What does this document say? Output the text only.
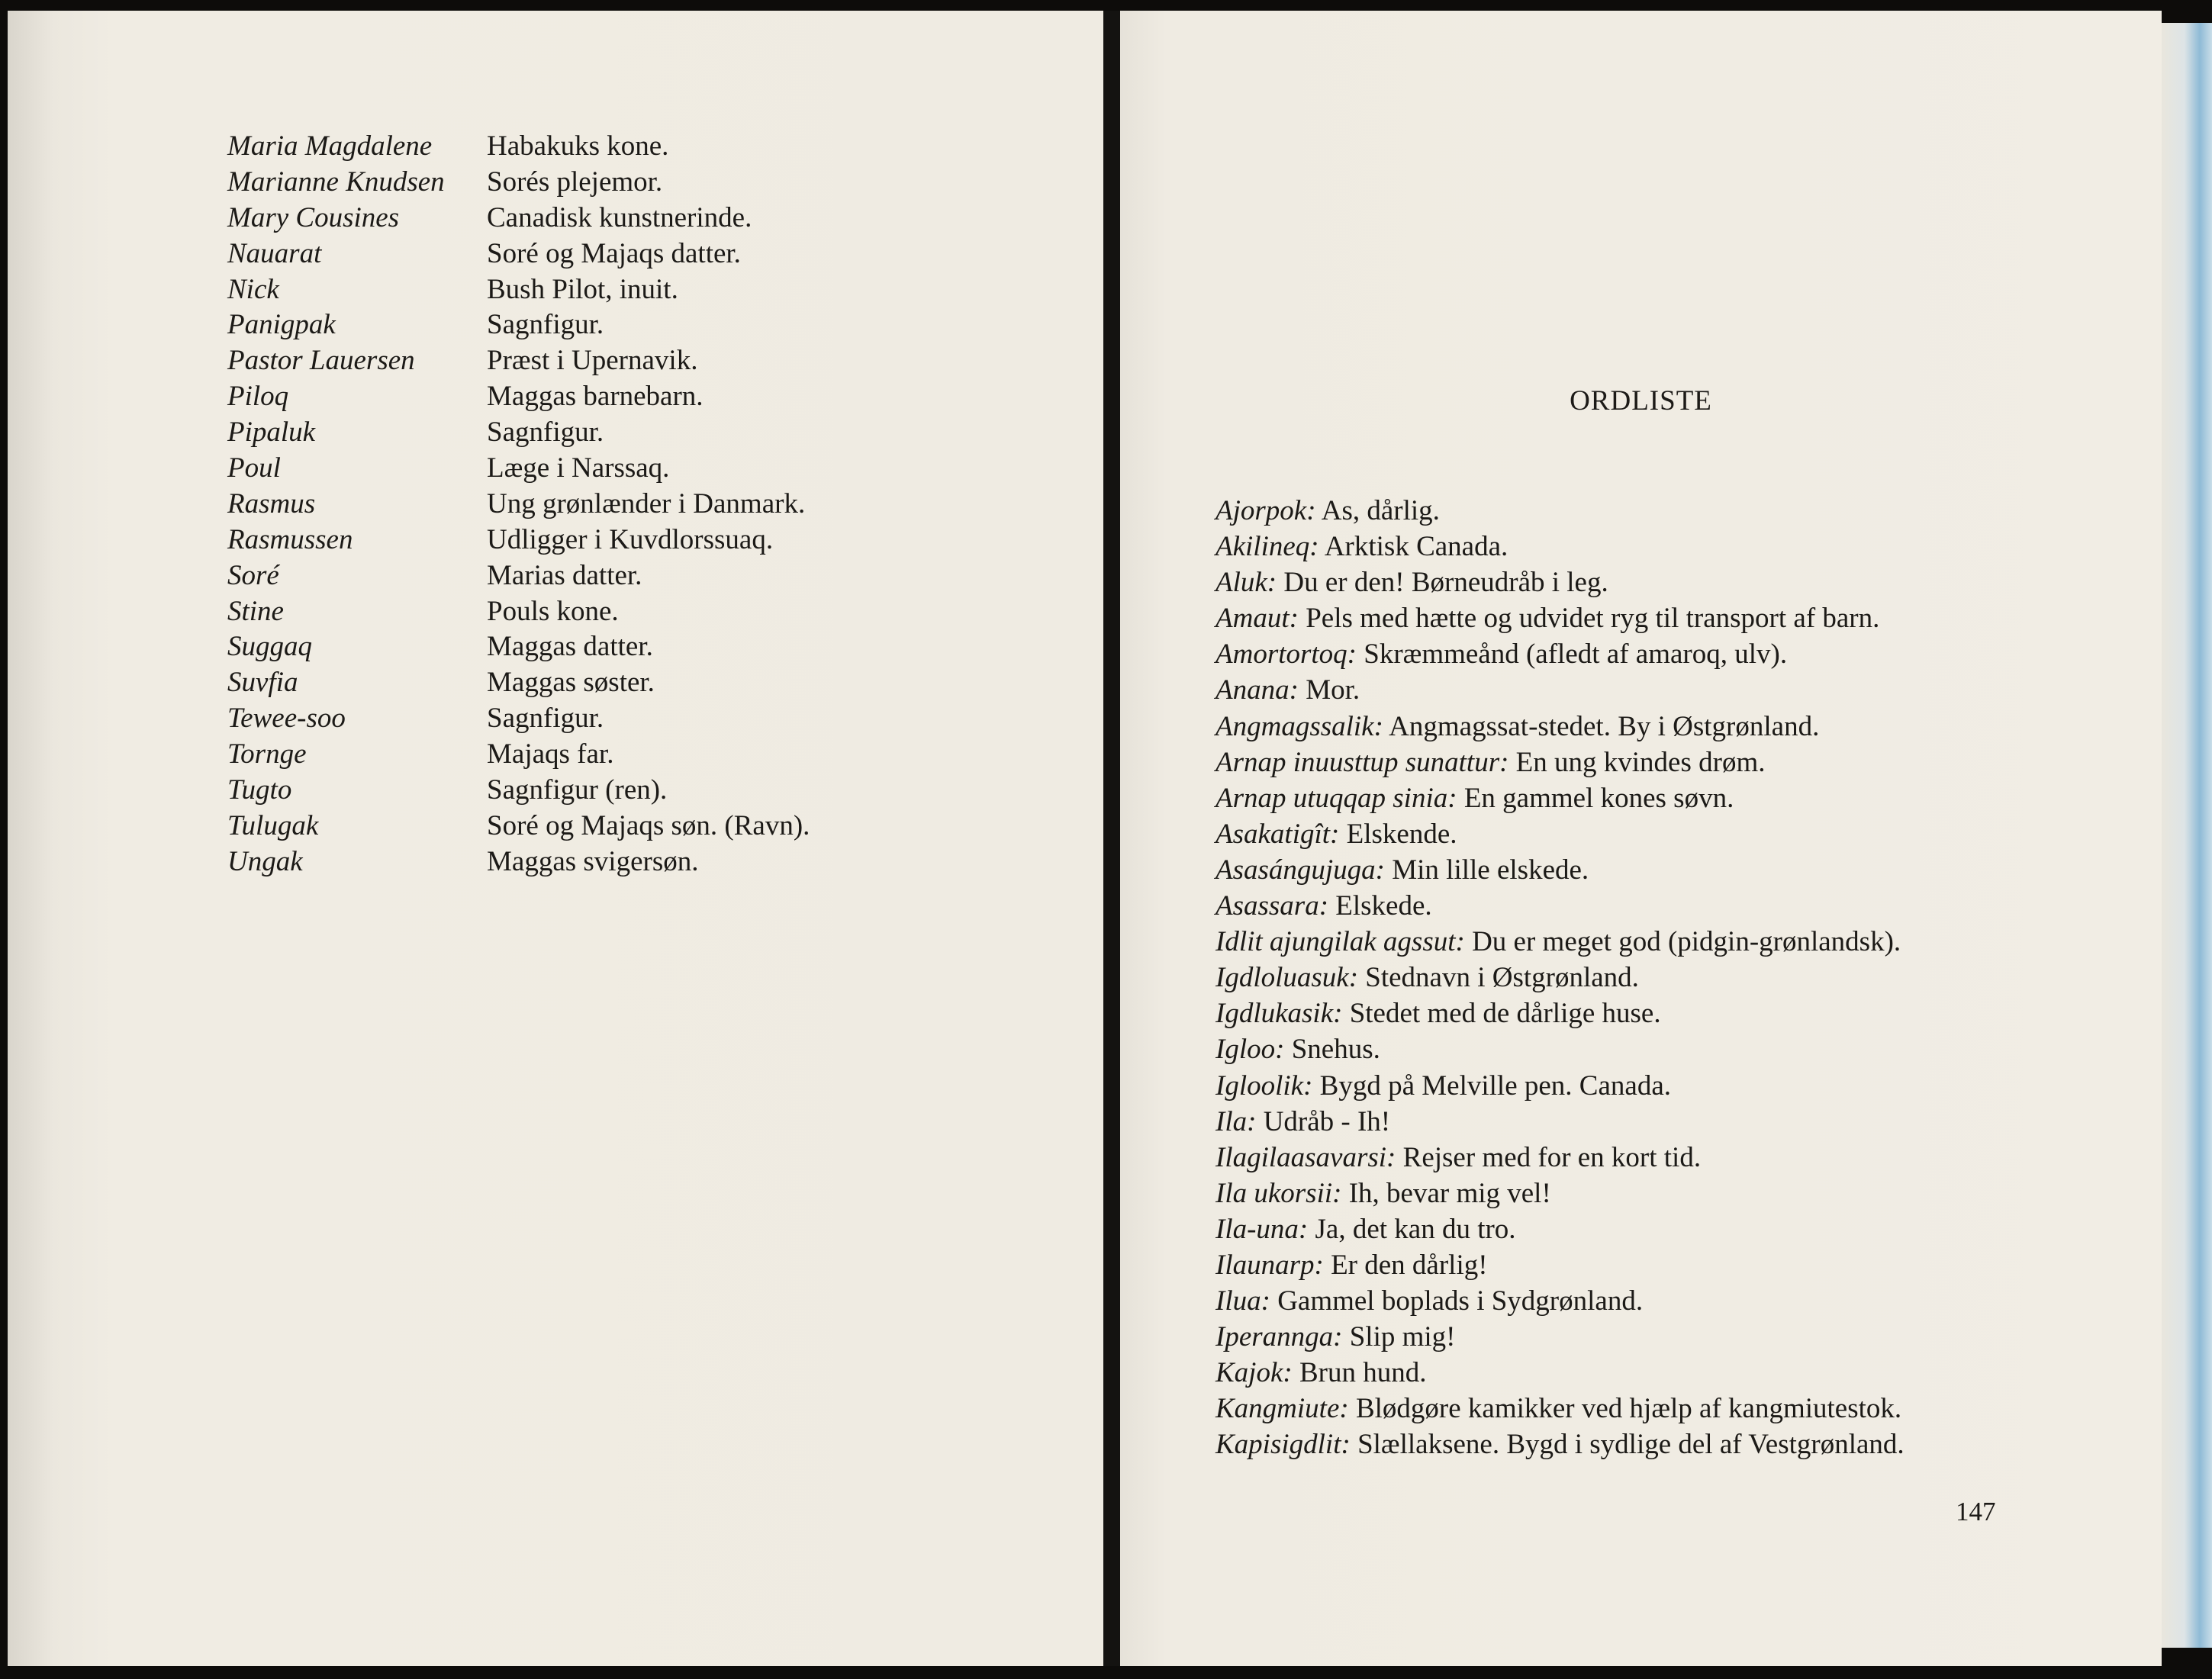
Maria Magdalene	Habakuks kone.
Marianne Knudsen	Sorés plejemor.
Mary Cousines	Canadisk kunstnerinde.
Nauarat	Soré og Majaqs datter.
Nick	Bush Pilot, inuit.
Panigpak	Sagnfigur.
Pastor Lauersen	Præst i Upernavik.
Piloq	Maggas barnebarn.
Pipaluk	Sagnfigur.
Poul	Læge i Narssaq.
Rasmus	Ung grønlænder i Danmark.
Rasmussen	Udligger i Kuvdlorssuaq.
Soré	Marias datter.
Stine	Pouls kone.
Suggaq	Maggas datter.
Suvfia	Maggas søster.
Tewee-soo	Sagnfigur.
Tornge	Majaqs far.
Tugto	Sagnfigur (ren).
Tulugak	Soré og Majaqs søn. (Ravn).
Ungak	Maggas svigersøn.
ORDLISTE
Ajorpok: As, dårlig.
Akilineq: Arktisk Canada.
Aluk: Du er den! Børneudråb i leg.
Amaut: Pels med hætte og udvidet ryg til transport af barn.
Amortortoq: Skræmmeånd (afledt af amaroq, ulv).
Anana: Mor.
Angmagssalik: Angmagssat-stedet. By i Østgrønland.
Arnap inuusttup sunattur: En ung kvindes drøm.
Arnap utuqqap sinia: En gammel kones søvn.
Asakatigît: Elskende.
Asasángujuga: Min lille elskede.
Asassara: Elskede.
Idlit ajungilak agssut: Du er meget god (pidgin-grønlandsk).
Igdloluasuk: Stednavn i Østgrønland.
Igdlukasik: Stedet med de dårlige huse.
Igloo: Snehus.
Igloolik: Bygd på Melville pen. Canada.
Ila: Udråb - Ih!
Ilagilaasavarsi: Rejser med for en kort tid.
Ila ukorsii: Ih, bevar mig vel!
Ila-una: Ja, det kan du tro.
Ilaunarp: Er den dårlig!
Ilua: Gammel boplads i Sydgrønland.
Iperannga: Slip mig!
Kajok: Brun hund.
Kangmiute: Blødgøre kamikker ved hjælp af kangmiutestok.
Kapisigdlit: Slællaksene. Bygd i sydlige del af Vestgrønland.

147
